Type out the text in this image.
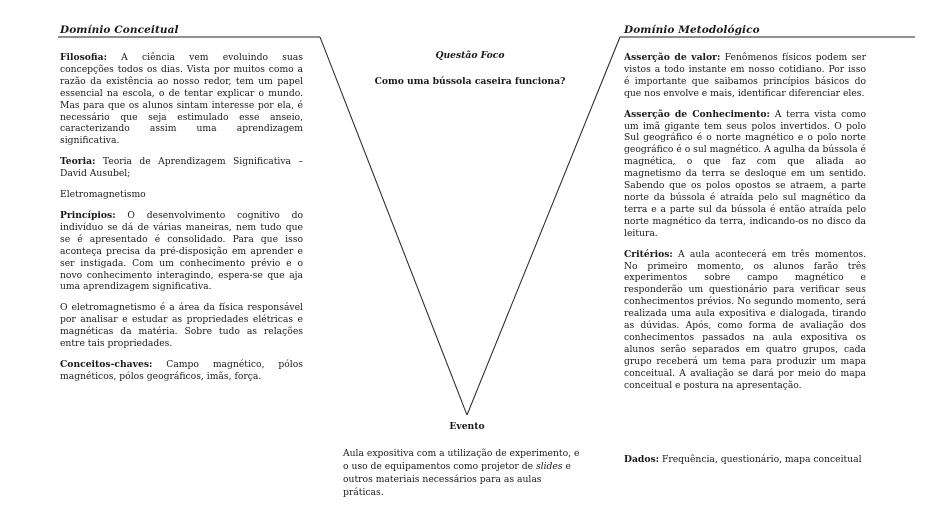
Domínio Conceitual	Domínio Metodológico
Questão Foco
Como uma bússola caseira funciona?

Filosofia: A ciência vem evoluindo suas concepções todos os dias. Vista por muitos como a razão da existência ao nosso redor, tem um papel essencial na escola, o de tentar explicar o mundo. Mas para que os alunos sintam interesse por ela, é necessário que seja estimulado esse anseio, caracterizando assim uma aprendizagem significativa.

Teoria: Teoria de Aprendizagem Significativa – David Ausubel;

Eletromagnetismo

Princípios: O desenvolvimento cognitivo do indivíduo se dá de várias maneiras, nem tudo que se é apresentado é consolidado. Para que isso aconteça precisa da pré-disposição em aprender e ser instigada. Com um conhecimento prévio e o novo conhecimento interagindo, espera-se que aja uma aprendizagem significativa.

O eletromagnetismo é a área da física responsável por analisar e estudar as propriedades elétricas e magnéticas da matéria. Sobre tudo as relações entre tais propriedades.

Conceitos-chaves: Campo magnético, pólos magnéticos, pólos geográficos, imãs, força.

Asserção de valor: Fenômenos físicos podem ser vistos a todo instante em nosso cotidiano. Por isso é importante que saibamos princípios básicos do que nos envolve e mais, identificar diferenciar eles.

Asserção de Conhecimento: A terra vista como um imã gigante tem seus polos invertidos. O polo Sul geográfico é o norte magnético e o polo norte geográfico é o sul magnético. A agulha da bússola é magnética, o que faz com que aliada ao magnetismo da terra se desloque em um sentido. Sabendo que os polos opostos se atraem, a parte norte da bússola é atraída pelo sul magnético da terra e a parte sul da bússola é então atraída pelo norte magnético da terra, indicando-os no disco da leitura.

Critérios: A aula acontecerá em três momentos. No primeiro momento, os alunos farão três experimentos sobre campo magnético e responderão um questionário para verificar seus conhecimentos prévios. No segundo momento, será realizada uma aula expositiva e dialogada, tirando as dúvidas. Após, como forma de avaliação dos conhecimentos passados na aula expositiva os alunos serão separados em quatro grupos, cada grupo receberá um tema para produzir um mapa conceitual. A avaliação se dará por meio do mapa conceitual e postura na apresentação.

Dados: Frequência, questionário, mapa conceitual
Evento
Aula expositiva com a utilização de experimento, e o uso de equipamentos como projetor de slides e outros materiais necessários para as aulas práticas.
